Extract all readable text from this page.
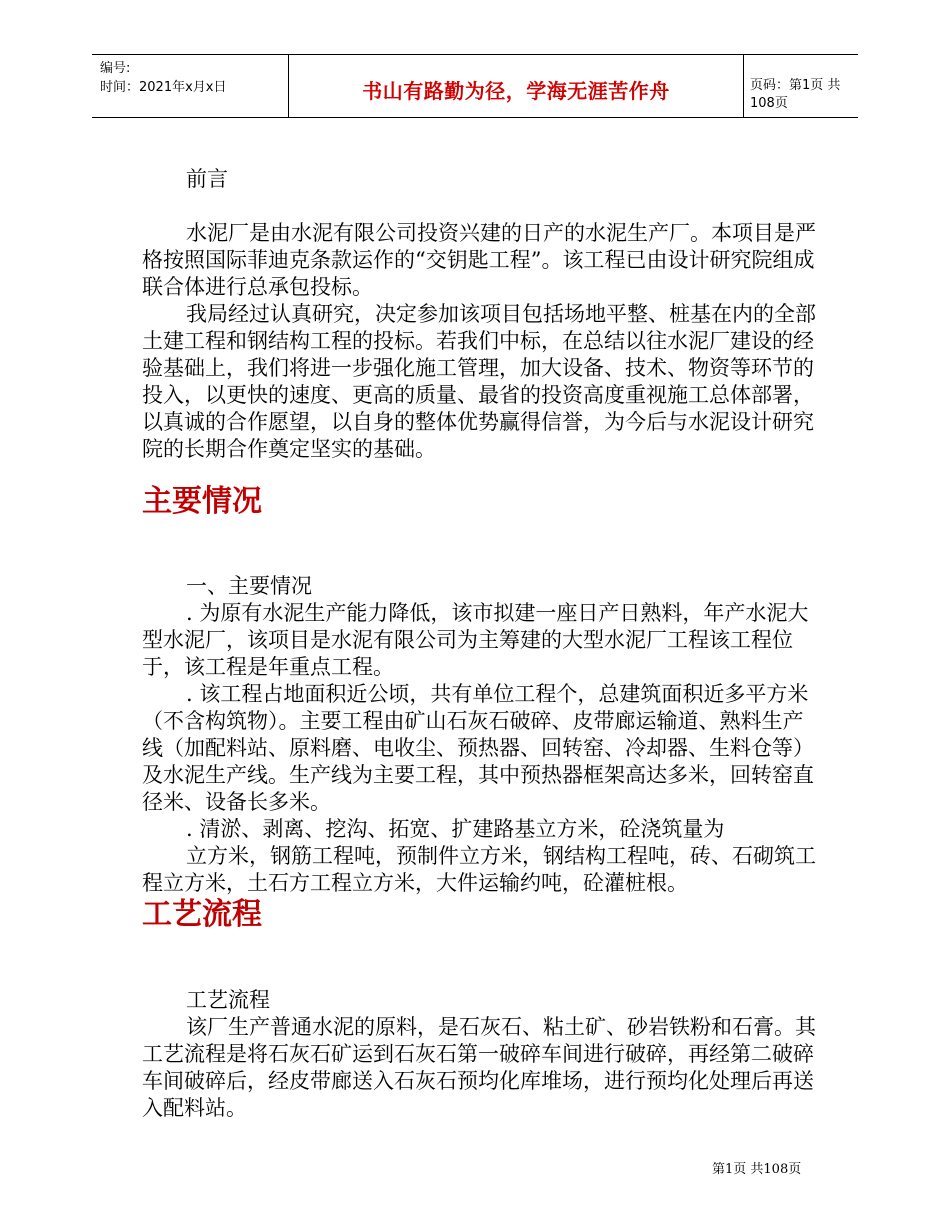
编号:
时间：2021年x月x日	书山有路勤为径，学海无涯苦作舟	页码：第1页 共108页

前言

水泥厂是由水泥有限公司投资兴建的日产的水泥生产厂。本项目是严格按照国际菲迪克条款运作的“交钥匙工程”。该工程已由设计研究院组成联合体进行总承包投标。

我局经过认真研究，决定参加该项目包括场地平整、桩基在内的全部土建工程和钢结构工程的投标。若我们中标，在总结以往水泥厂建设的经验基础上，我们将进一步强化施工管理，加大设备、技术、物资等环节的投入，以更快的速度、更高的质量、最省的投资高度重视施工总体部署，以真诚的合作愿望，以自身的整体优势赢得信誉，为今后与水泥设计研究院的长期合作奠定坚实的基础。

主要情况

一、主要情况

. 为原有水泥生产能力降低，该市拟建一座日产日熟料，年产水泥大型水泥厂，该项目是水泥有限公司为主筹建的大型水泥厂工程该工程位于，该工程是年重点工程。

. 该工程占地面积近公顷，共有单位工程个，总建筑面积近多平方米（不含构筑物）。主要工程由矿山石灰石破碎、皮带廊运输道、熟料生产线（加配料站、原料磨、电收尘、预热器、回转窑、冷却器、生料仓等）及水泥生产线。生产线为主要工程，其中预热器框架高达多米，回转窑直径米、设备长多米。

. 清淤、剥离、挖沟、拓宽、扩建路基立方米，砼浇筑量为

立方米，钢筋工程吨，预制件立方米，钢结构工程吨，砖、石砌筑工程立方米，土石方工程立方米，大件运输约吨，砼灌桩根。

工艺流程

工艺流程

该厂生产普通水泥的原料，是石灰石、粘土矿、砂岩铁粉和石膏。其工艺流程是将石灰石矿运到石灰石第一破碎车间进行破碎，再经第二破碎车间破碎后，经皮带廊送入石灰石预均化库堆场，进行预均化处理后再送入配料站。

第1页 共108页
